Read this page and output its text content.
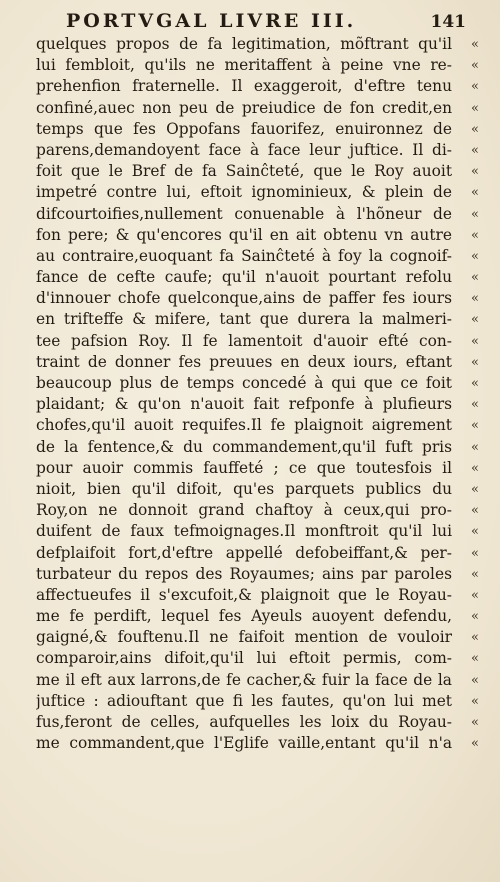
PORTVGAL LIVRE III.	141
quelques propos de fa legitimation, mõftrant qu'il
lui fembloit, qu'ils ne meritaffent à peine vne re-
prehenfion fraternelle. Il exaggeroit, d'eftre tenu
confiné,auec non peu de preiudice de fon credit,en
temps que fes Oppofans fauorifez, enuironnez de
parens,demandoyent face à face leur juftice. Il di-
foit que le Bref de fa Sainĉteté, que le Roy auoit
impetré contre lui, eftoit ignominieux, & plein de
difcourtoifies,nullement conuenable à l'hõneur de
fon pere; & qu'encores qu'il en ait obtenu vn autre
au contraire,euoquant fa Sainĉteté à foy la cognoif-
fance de cefte caufe; qu'il n'auoit pourtant refolu
d'innouer chofe quelconque,ains de paffer fes iours
en trifteffe & mifere, tant que durera la malmeri-
tee pafsion Roy. Il fe lamentoit d'auoir efté con-
traint de donner fes preuues en deux iours, eftant
beaucoup plus de temps concedé à qui que ce foit
plaidant; & qu'on n'auoit fait refponfe à plufieurs
chofes,qu'il auoit requifes.Il fe plaignoit aigrement
de la fentence,& du commandement,qu'il fuft pris
pour auoir commis fauffeté ; ce que toutesfois il
nioit, bien qu'il difoit, qu'es parquets publics du
Roy,on ne donnoit grand chaftoy à ceux,qui pro-
duifent de faux tefmoignages.Il monftroit qu'il lui
defplaifoit fort,d'eftre appellé defobeiffant,& per-
turbateur du repos des Royaumes; ains par paroles
affectueufes il s'excufoit,& plaignoit que le Royau-
me fe perdift, lequel fes Ayeuls auoyent defendu,
gaigné,& fouftenu.Il ne faifoit mention de vouloir
comparoir,ains difoit,qu'il lui eftoit permis, com-
me il eft aux larrons,de fe cacher,& fuir la face de la
juftice : adiouftant que fi les fautes, qu'on lui met
fus,feront de celles, aufquelles les loix du Royau-
me commandent,que l'Eglife vaille,entant qu'il n'a
«
«
«
«
«
«
«
«
«
«
«
«
«
«
«
«
«
«
«
«
«
«
«
«
«
«
«
«
«
«
«
«
«
«
